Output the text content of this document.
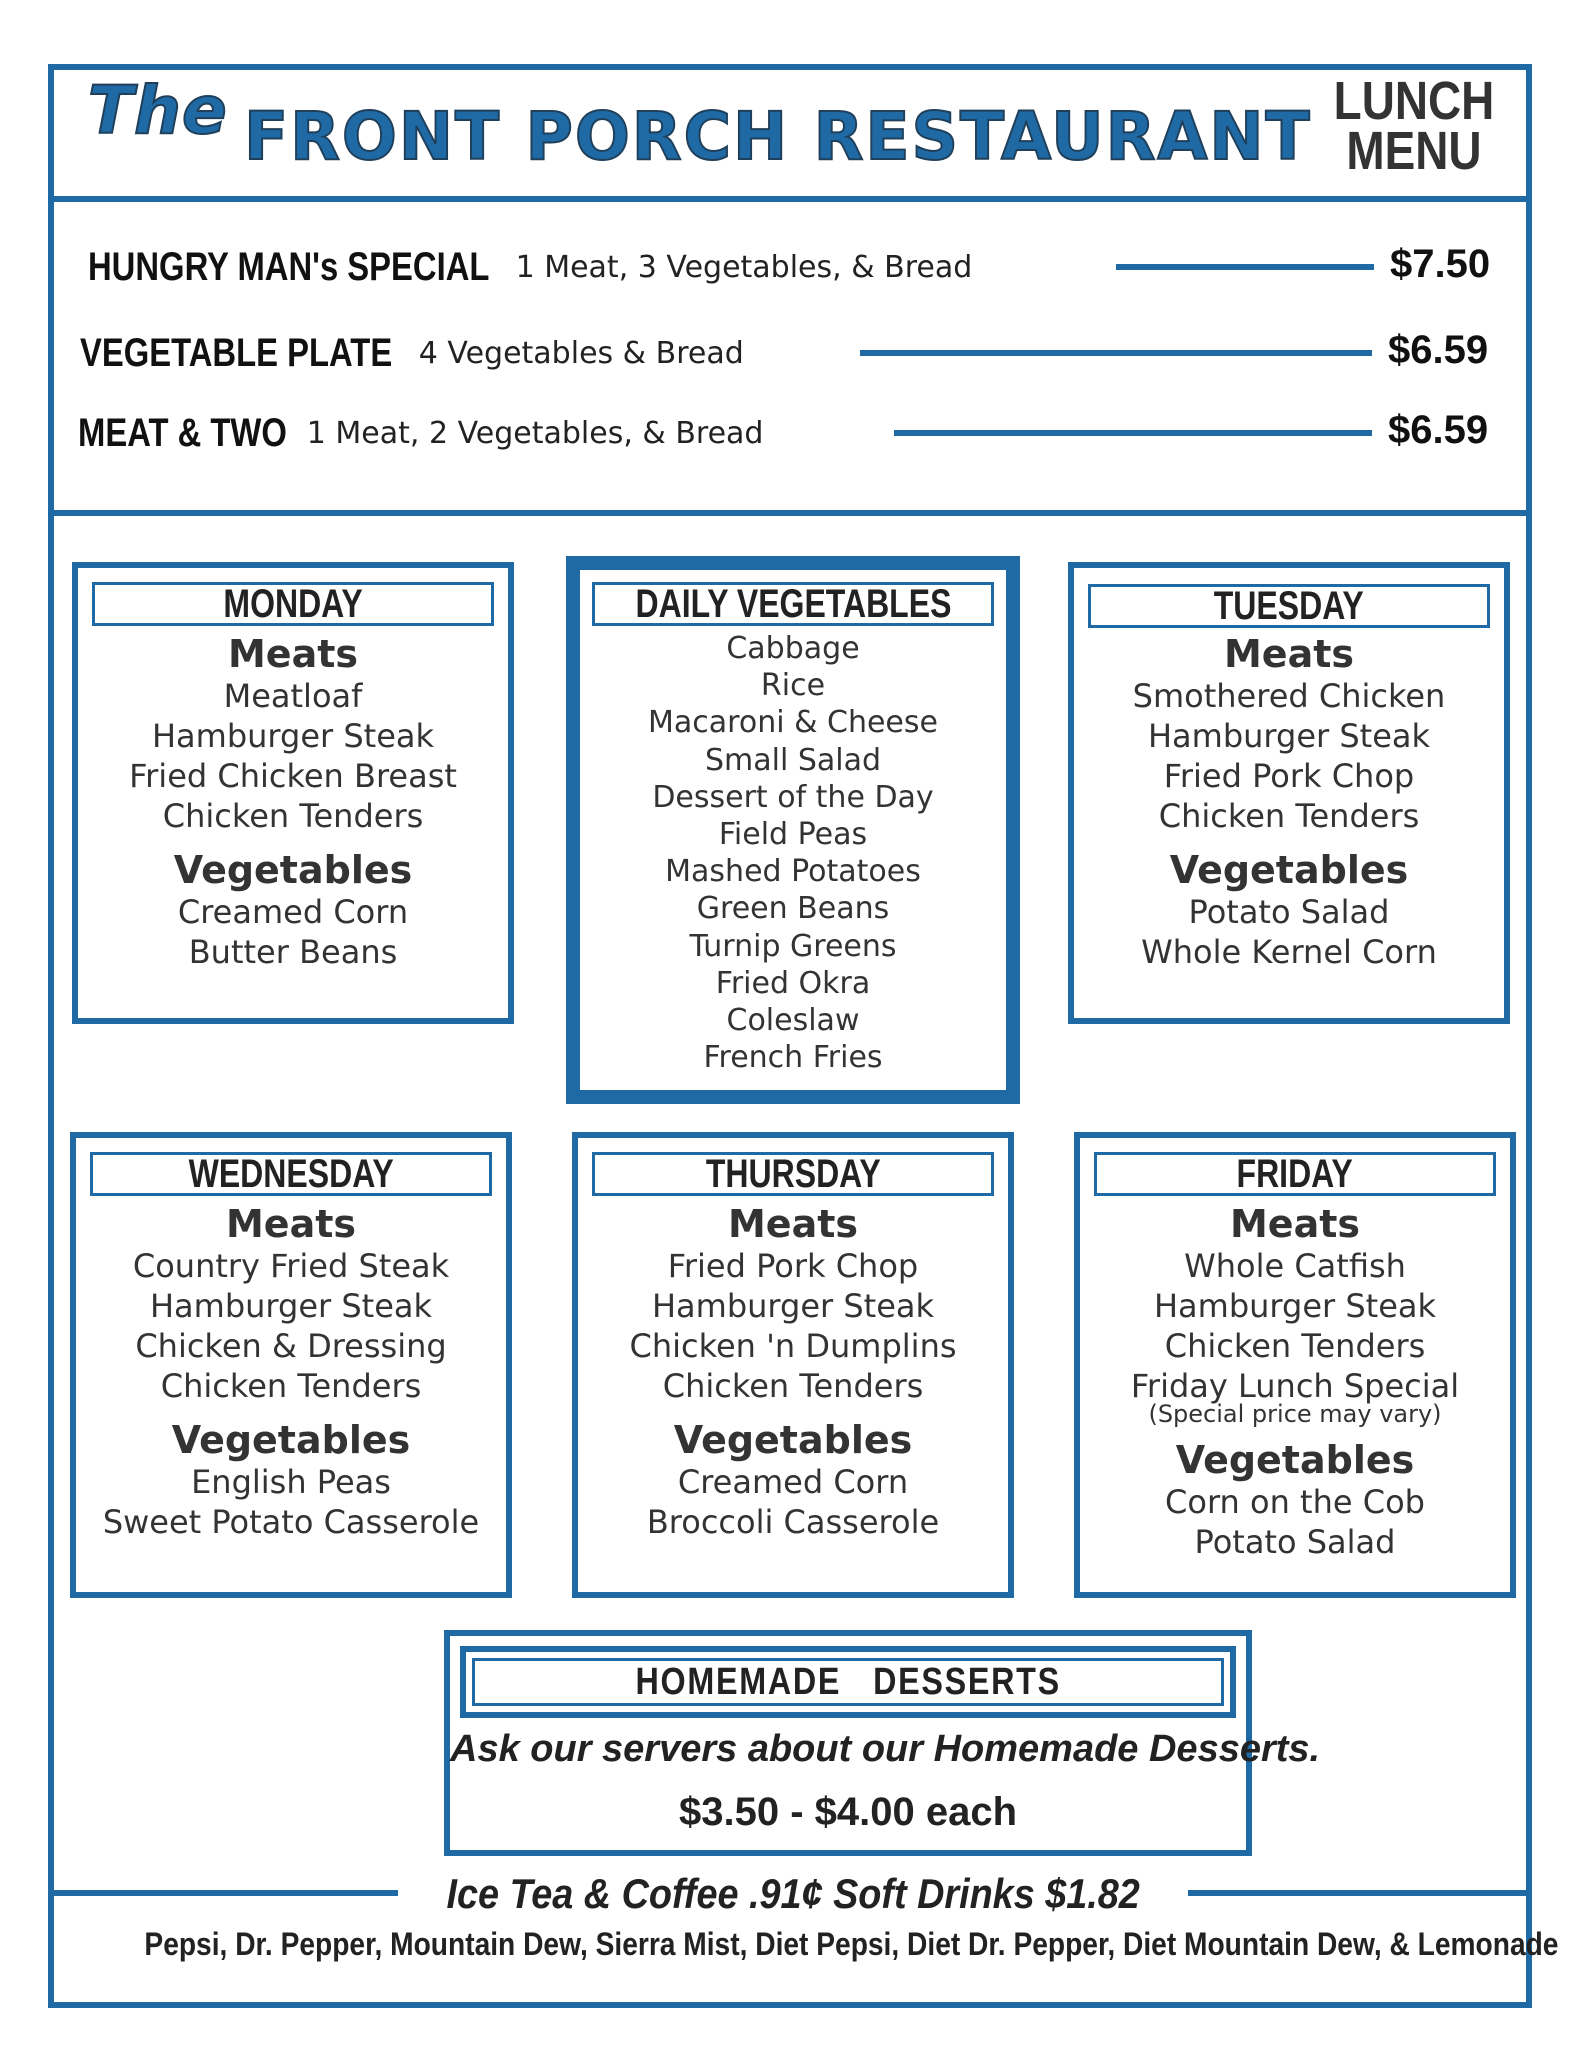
The FRONT PORCH RESTAURANT LUNCH
MENU
HUNGRY MAN's SPECIAL 1 Meat, 3 Vegetables, & Bread	$7.50
VEGETABLE PLATE 4 Vegetables & Bread	$6.59
MEAT & TWO 1 Meat, 2 Vegetables, & Bread	$6.59
MONDAY
Meats
Meatloaf
Hamburger Steak
Fried Chicken Breast
Chicken Tenders
Vegetables
Creamed Corn
Butter Beans
DAILY VEGETABLES
Cabbage
Rice
Macaroni & Cheese
Small Salad
Dessert of the Day
Field Peas
Mashed Potatoes
Green Beans
Turnip Greens
Fried Okra
Coleslaw
French Fries
TUESDAY
Meats
Smothered Chicken
Hamburger Steak
Fried Pork Chop
Chicken Tenders
Vegetables
Potato Salad
Whole Kernel Corn
WEDNESDAY
Meats
Country Fried Steak
Hamburger Steak
Chicken & Dressing
Chicken Tenders
Vegetables
English Peas
Sweet Potato Casserole
THURSDAY
Meats
Fried Pork Chop
Hamburger Steak
Chicken 'n Dumplins
Chicken Tenders
Vegetables
Creamed Corn
Broccoli Casserole
FRIDAY
Meats
Whole Catfish
Hamburger Steak
Chicken Tenders
Friday Lunch Special
(Special price may vary)
Vegetables
Corn on the Cob
Potato Salad
HOMEMADE   DESSERTS
Ask our servers about our Homemade Desserts.
$3.50 - $4.00 each
Ice Tea & Coffee .91¢ Soft Drinks $1.82
Pepsi, Dr. Pepper, Mountain Dew, Sierra Mist, Diet Pepsi, Diet Dr. Pepper, Diet Mountain Dew, & Lemonade
